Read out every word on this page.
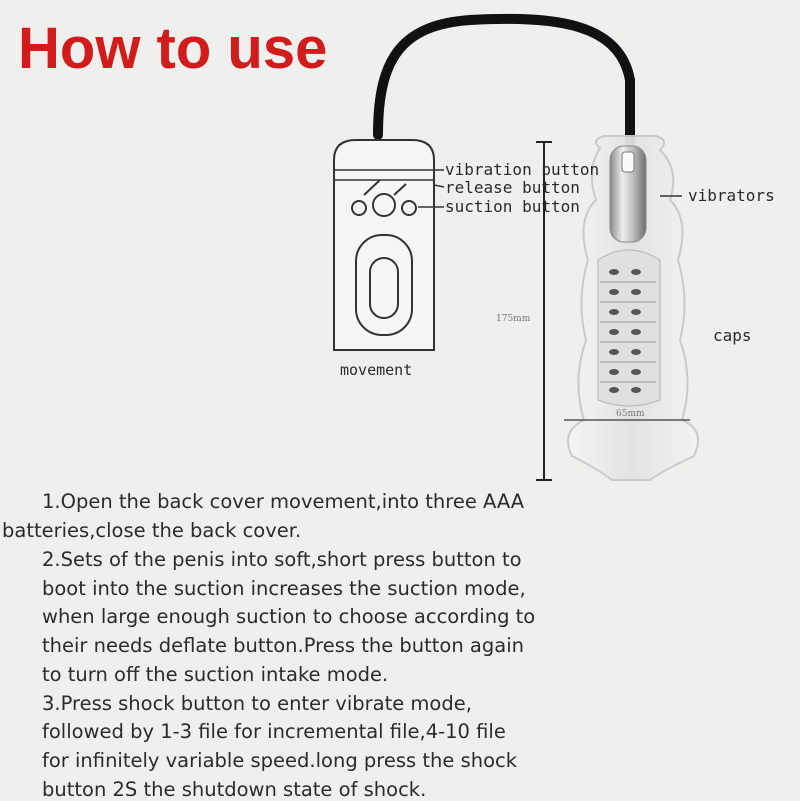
How to use
vibration button
release button
suction button
vibrators
caps
movement
175mm
65mm
1.Open the back cover movement,into three AAA
batteries,close the back cover.
2.Sets of the penis into soft,short press button to
boot into the suction increases the suction mode,
when large enough suction to choose according to
their needs deflate button.Press the button again
to turn off the suction intake mode.
3.Press shock button to enter vibrate mode,
followed by 1-3 file for incremental file,4-10 file
for infinitely variable speed.long press the shock
button 2S the shutdown state of shock.
